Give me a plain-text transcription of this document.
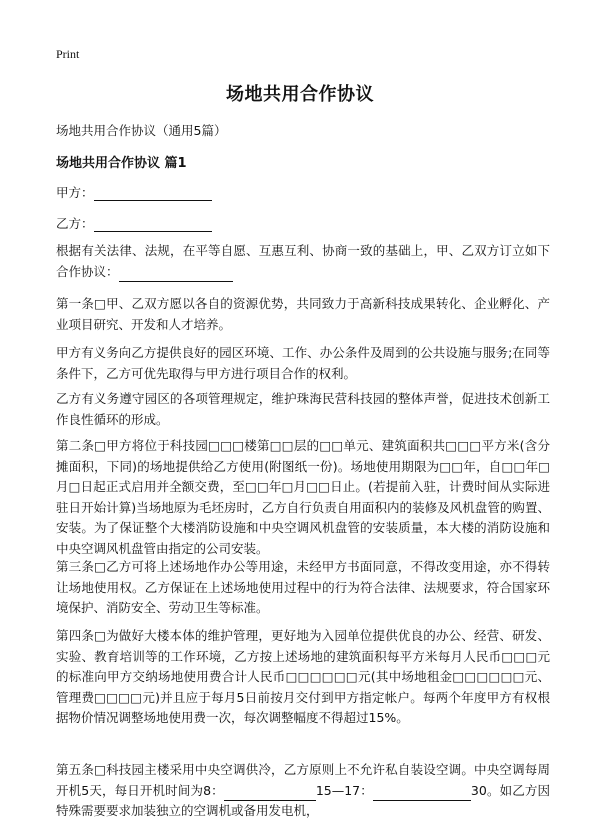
Print
场地共用合作协议
场地共用合作协议（通用5篇）
场地共用合作协议 篇1
甲方：
乙方：
根据有关法律、法规，在平等自愿、互惠互利、协商一致的基础上，甲、乙双方订立如下合作协议：
第一条□甲、乙双方愿以各自的资源优势，共同致力于高新科技成果转化、企业孵化、产业项目研究、开发和人才培养。
甲方有义务向乙方提供良好的园区环境、工作、办公条件及周到的公共设施与服务;在同等条件下，乙方可优先取得与甲方进行项目合作的权利。
乙方有义务遵守园区的各项管理规定，维护珠海民营科技园的整体声誉，促进技术创新工作良性循环的形成。
第二条□甲方将位于科技园□□□楼第□□层的□□单元、建筑面积共□□□平方米(含分摊面积，下同)的场地提供给乙方使用(附图纸一份)。场地使用期限为□□年，自□□年□月□日起正式启用并全额交费，至□□年□月□□日止。(若提前入驻，计费时间从实际进驻日开始计算)当场地原为毛坯房时，乙方自行负责自用面积内的装修及风机盘管的购置、安装。为了保证整个大楼消防设施和中央空调风机盘管的安装质量，本大楼的消防设施和中央空调风机盘管由指定的公司安装。
第三条□乙方可将上述场地作办公等用途，未经甲方书面同意，不得改变用途，亦不得转让场地使用权。乙方保证在上述场地使用过程中的行为符合法律、法规要求，符合国家环境保护、消防安全、劳动卫生等标准。
第四条□为做好大楼本体的维护管理，更好地为入园单位提供优良的办公、经营、研发、实验、教育培训等的工作环境，乙方按上述场地的建筑面积每平方米每月人民币□□□元的标准向甲方交纳场地使用费合计人民币□□□□□□元(其中场地租金□□□□□□元、管理费□□□□元)并且应于每月5日前按月交付到甲方指定帐户。每两个年度甲方有权根据物价情况调整场地使用费一次，每次调整幅度不得超过15%。
第五条□科技园主楼采用中央空调供冷，乙方原则上不允许私自装设空调。中央空调每周开机5天，每日开机时间为8：	15—17：	30。如乙方因特殊需要要求加装独立的空调机或备用发电机，
